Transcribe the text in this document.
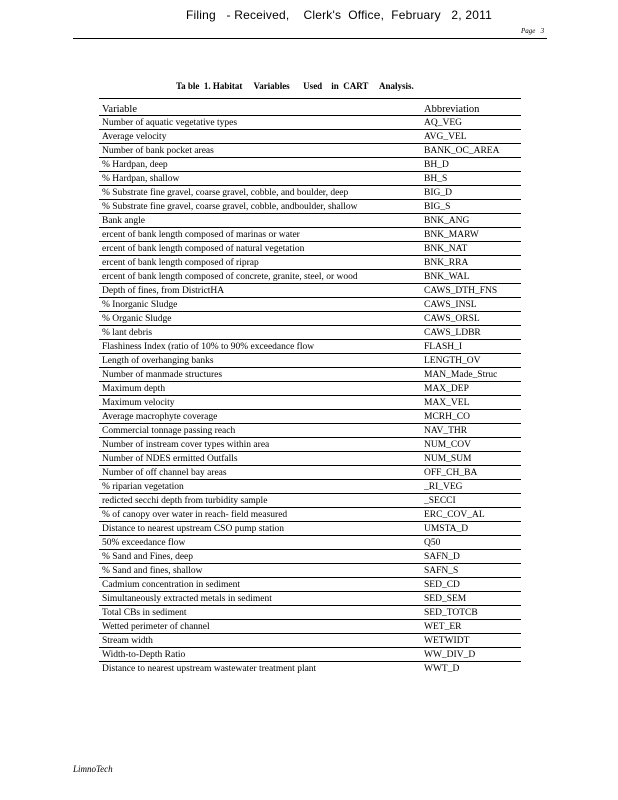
Filing   - Received,    Clerk's  Office,  February   2, 2011
Page   3
Ta ble  1. Habitat     Variables      Used    in  CART     Analysis.
Variable	Abbreviation
Number of aquatic vegetative types	AQ_VEG
Average velocity	AVG_VEL
Number of bank pocket areas	BANK_OC_AREA
% Hardpan, deep	BH_D
% Hardpan, shallow	BH_S
% Substrate fine gravel, coarse gravel, cobble, and boulder, deep	BIG_D
% Substrate fine gravel, coarse gravel, cobble, andboulder, shallow	BIG_S
Bank angle	BNK_ANG
ercent of bank length composed of marinas or water	BNK_MARW
ercent of bank length composed of natural vegetation	BNK_NAT
ercent of bank length composed of riprap	BNK_RRA
ercent of bank length composed of concrete, granite, steel, or wood	BNK_WAL
Depth of fines, from DistrictHA	CAWS_DTH_FNS
% Inorganic Sludge	CAWS_INSL
% Organic Sludge	CAWS_ORSL
% lant debris	CAWS_LDBR
Flashiness Index (ratio of 10% to 90% exceedance flow	FLASH_I
Length of overhanging banks	LENGTH_OV
Number of manmade structures	MAN_Made_Struc
Maximum depth	MAX_DEP
Maximum velocity	MAX_VEL
Average macrophyte coverage	MCRH_CO
Commercial tonnage passing reach	NAV_THR
Number of instream cover types within area	NUM_COV
Number of NDES ermitted Outfalls	NUM_SUM
Number of off channel bay areas	OFF_CH_BA
% riparian vegetation	_RI_VEG
redicted secchi depth from turbidity sample	_SECCI
% of canopy over water in reach- field measured	ERC_COV_AL
Distance to nearest upstream CSO pump station	UMSTA_D
50% exceedance flow	Q50
% Sand and Fines, deep	SAFN_D
% Sand and fines, shallow	SAFN_S
Cadmium concentration in sediment	SED_CD
Simultaneously extracted metals in sediment	SED_SEM
Total CBs in sediment	SED_TOTCB
Wetted perimeter of channel	WET_ER
Stream width	WETWIDT
Width-to-Depth Ratio	WW_DIV_D
Distance to nearest upstream wastewater treatment plant	WWT_D
LimnoTech
